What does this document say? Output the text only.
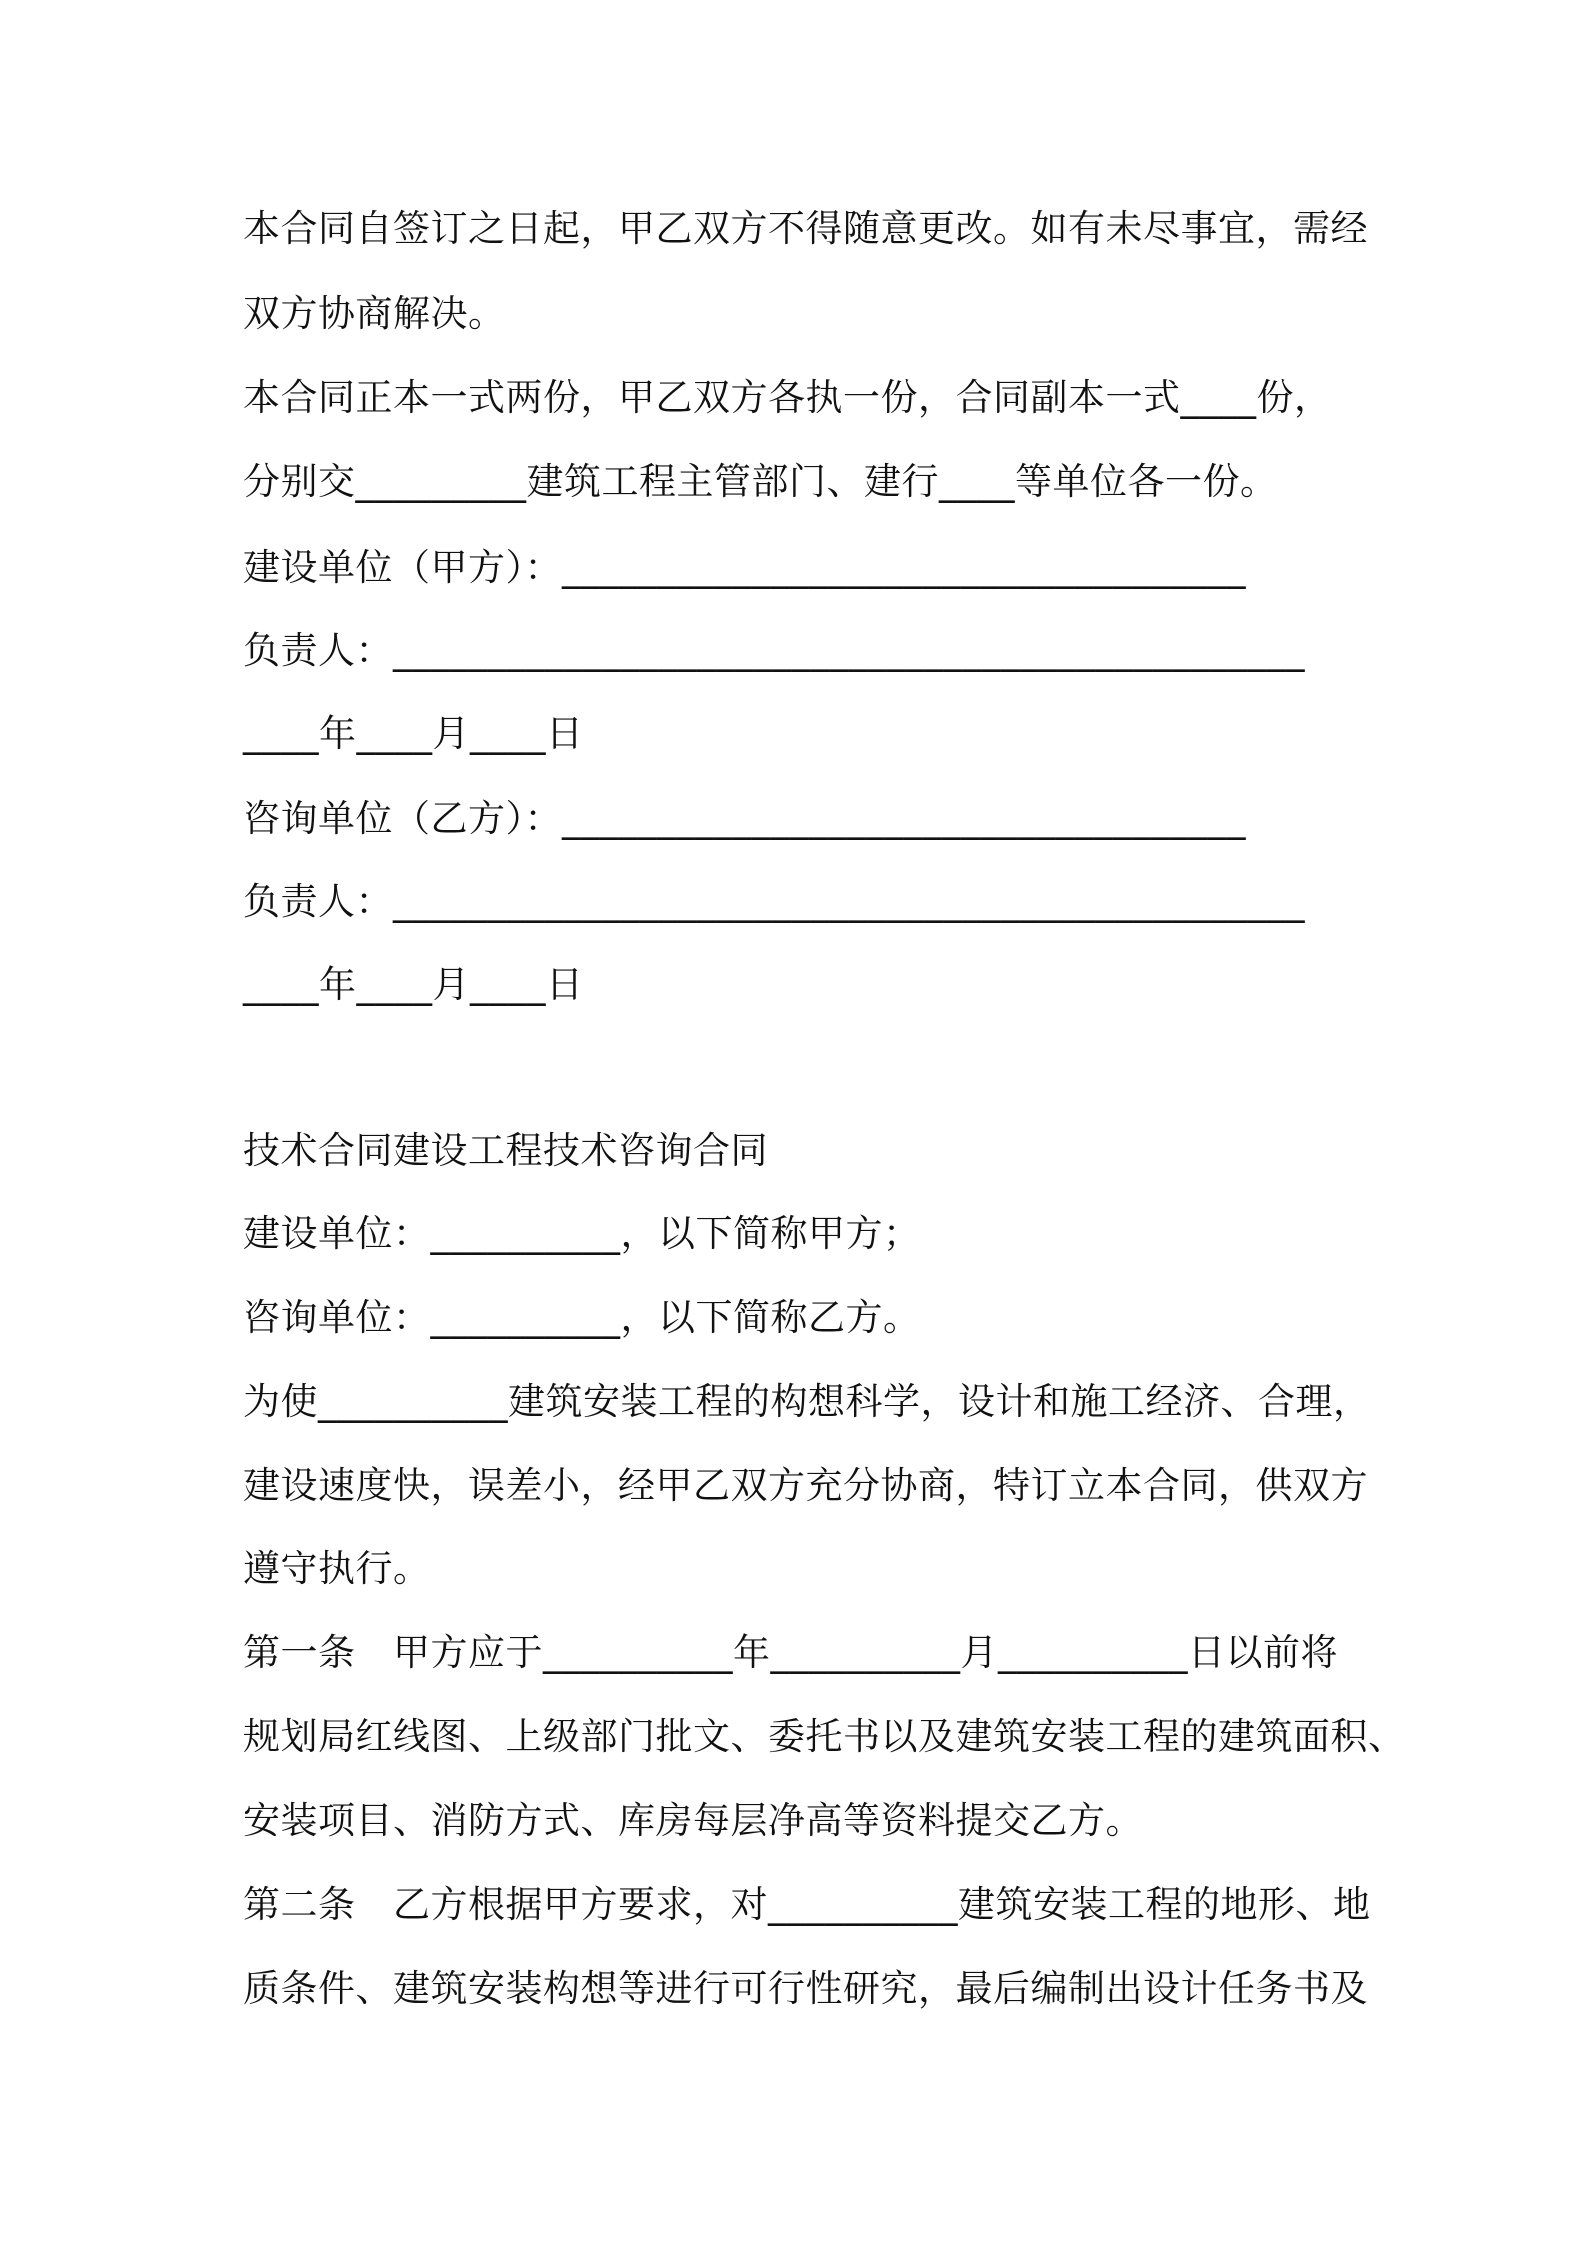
本合同自签订之日起，甲乙双方不得随意更改。如有未尽事宜，需经
双方协商解决。
本合同正本一式两份，甲乙双方各执一份，合同副本一式____份，
分别交_________建筑工程主管部门、建行____等单位各一份。
建设单位（甲方）：____________________________________
负责人：________________________________________________
____年____月____日
咨询单位（乙方）：____________________________________
负责人：________________________________________________
____年____月____日
技术合同建设工程技术咨询合同
建设单位：__________，以下简称甲方；
咨询单位：__________，以下简称乙方。
为使__________建筑安装工程的构想科学，设计和施工经济、合理，
建设速度快，误差小，经甲乙双方充分协商，特订立本合同，供双方
遵守执行。
第一条　甲方应于__________年__________月__________日以前将
规划局红线图、上级部门批文、委托书以及建筑安装工程的建筑面积、
安装项目、消防方式、库房每层净高等资料提交乙方。
第二条　乙方根据甲方要求，对__________建筑安装工程的地形、地
质条件、建筑安装构想等进行可行性研究，最后编制出设计任务书及
